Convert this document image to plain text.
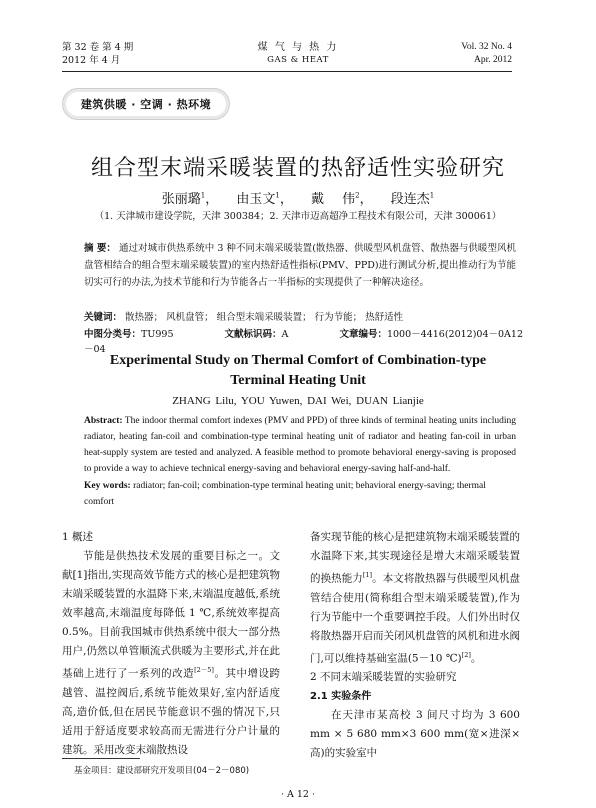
第 32 卷 第 4 期
2012 年 4 月
煤 气 与 热 力
GAS & HEAT
Vol. 32 No. 4
Apr. 2012
建筑供暖 · 空调 · 热环境
组合型末端采暖装置的热舒适性实验研究
张丽璐$^1$， 由玉文$^1$， 戴 伟$^2$， 段连杰$^1$
（1. 天津城市建设学院，天津 300384；2. 天津市迈高超净工程技术有限公司，天津 300061）
摘 要： 通过对城市供热系统中 3 种不同末端采暖装置(散热器、供暖型风机盘管、散热器与供暖型风机盘管相结合的组合型末端采暖装置)的室内热舒适性指标(PMV、PPD)进行测试分析,提出推动行为节能切实可行的办法,为技术节能和行为节能各占一半指标的实现提供了一种解决途径。
关键词： 散热器； 风机盘管； 组合型末端采暖装置； 行为节能； 热舒适性
中图分类号：TU995	文献标识码：A	文章编号：1000－4416(2012)04－0A12－04
Experimental Study on Thermal Comfort of Combination-type
Terminal Heating Unit
ZHANG Lilu, YOU Yuwen, DAI Wei, DUAN Lianjie
Abstract: The indoor thermal comfort indexes (PMV and PPD) of three kinds of terminal heating units including radiator, heating fan-coil and combination-type terminal heating unit of radiator and heating fan-coil in urban heat-supply system are tested and analyzed. A feasible method to promote behavioral energy-saving is proposed to provide a way to achieve technical energy-saving and behavioral energy-saving half-and-half.
Key words: radiator; fan-coil; combination-type terminal heating unit; behavioral energy-saving; thermal comfort
1 概述

节能是供热技术发展的重要目标之一。文献[1]指出,实现高效节能方式的核心是把建筑物末端采暖装置的水温降下来,末端温度越低,系统效率越高,末端温度每降低 1 ℃,系统效率提高 0.5%。目前我国城市供热系统中很大一部分热用户,仍然以单管顺流式供暖为主要形式,并在此基础上进行了一系列的改造[2－5]。其中增设跨越管、温控阀后,系统节能效果好,室内舒适度高,造价低,但在居民节能意识不强的情况下,只适用于舒适度要求较高而无需进行分户计量的建筑。采用改变末端散热设

备实现节能的核心是把建筑物末端采暖装置的水温降下来,其实现途径是增大末端采暖装置的换热能力[1]。本文将散热器与供暖型风机盘管结合使用(简称组合型末端采暖装置),作为行为节能中一个重要调控手段。人们外出时仅将散热器开启而关闭风机盘管的风机和进水阀门,可以维持基础室温(5－10 ℃)[2]。

2 不同末端采暖装置的实验研究
2.1 实验条件

在天津市某高校 3 间尺寸均为 3 600 mm × 5 680 mm×3 600 mm(宽×进深×高)的实验室中

基金项目：建设部研究开发项目(04－2－080)
· A 12 ·
